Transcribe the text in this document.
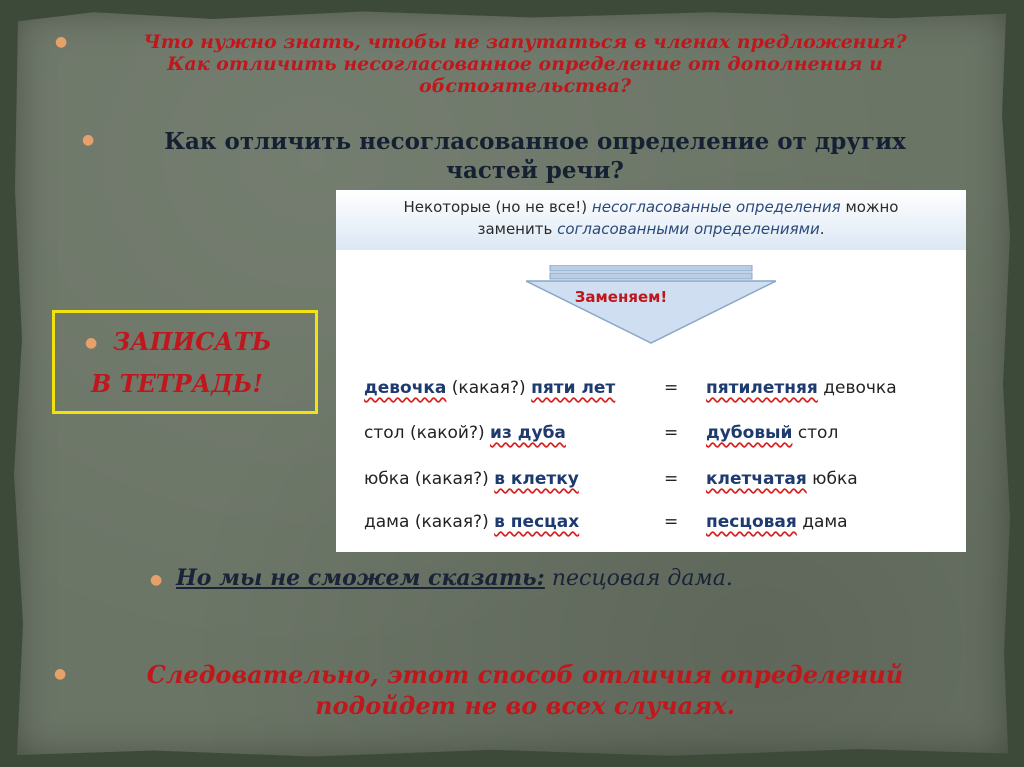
●	Что нужно знать, чтобы не запутаться в членах предложения?
Как отличить несогласованное определение от дополнения и
обстоятельства?
●	Как отличить несогласованное определение от других
частей речи?
● ЗАПИСАТЬ
В ТЕТРАДЬ!
Некоторые (но не все!) несогласованные определения можно
заменить согласованными определениями.
Заменяем!
девочка (какая?) пяти лет	= пятилетняя девочка
стол (какой?) из дуба	= дубовый стол
юбка (какая?) в клетку	= клетчатая юбка
дама (какая?) в песцах	= песцовая дама
● Но мы не сможем сказать: песцовая дама.
●	Следовательно, этот способ отличия определений
подойдет не во всех случаях.
